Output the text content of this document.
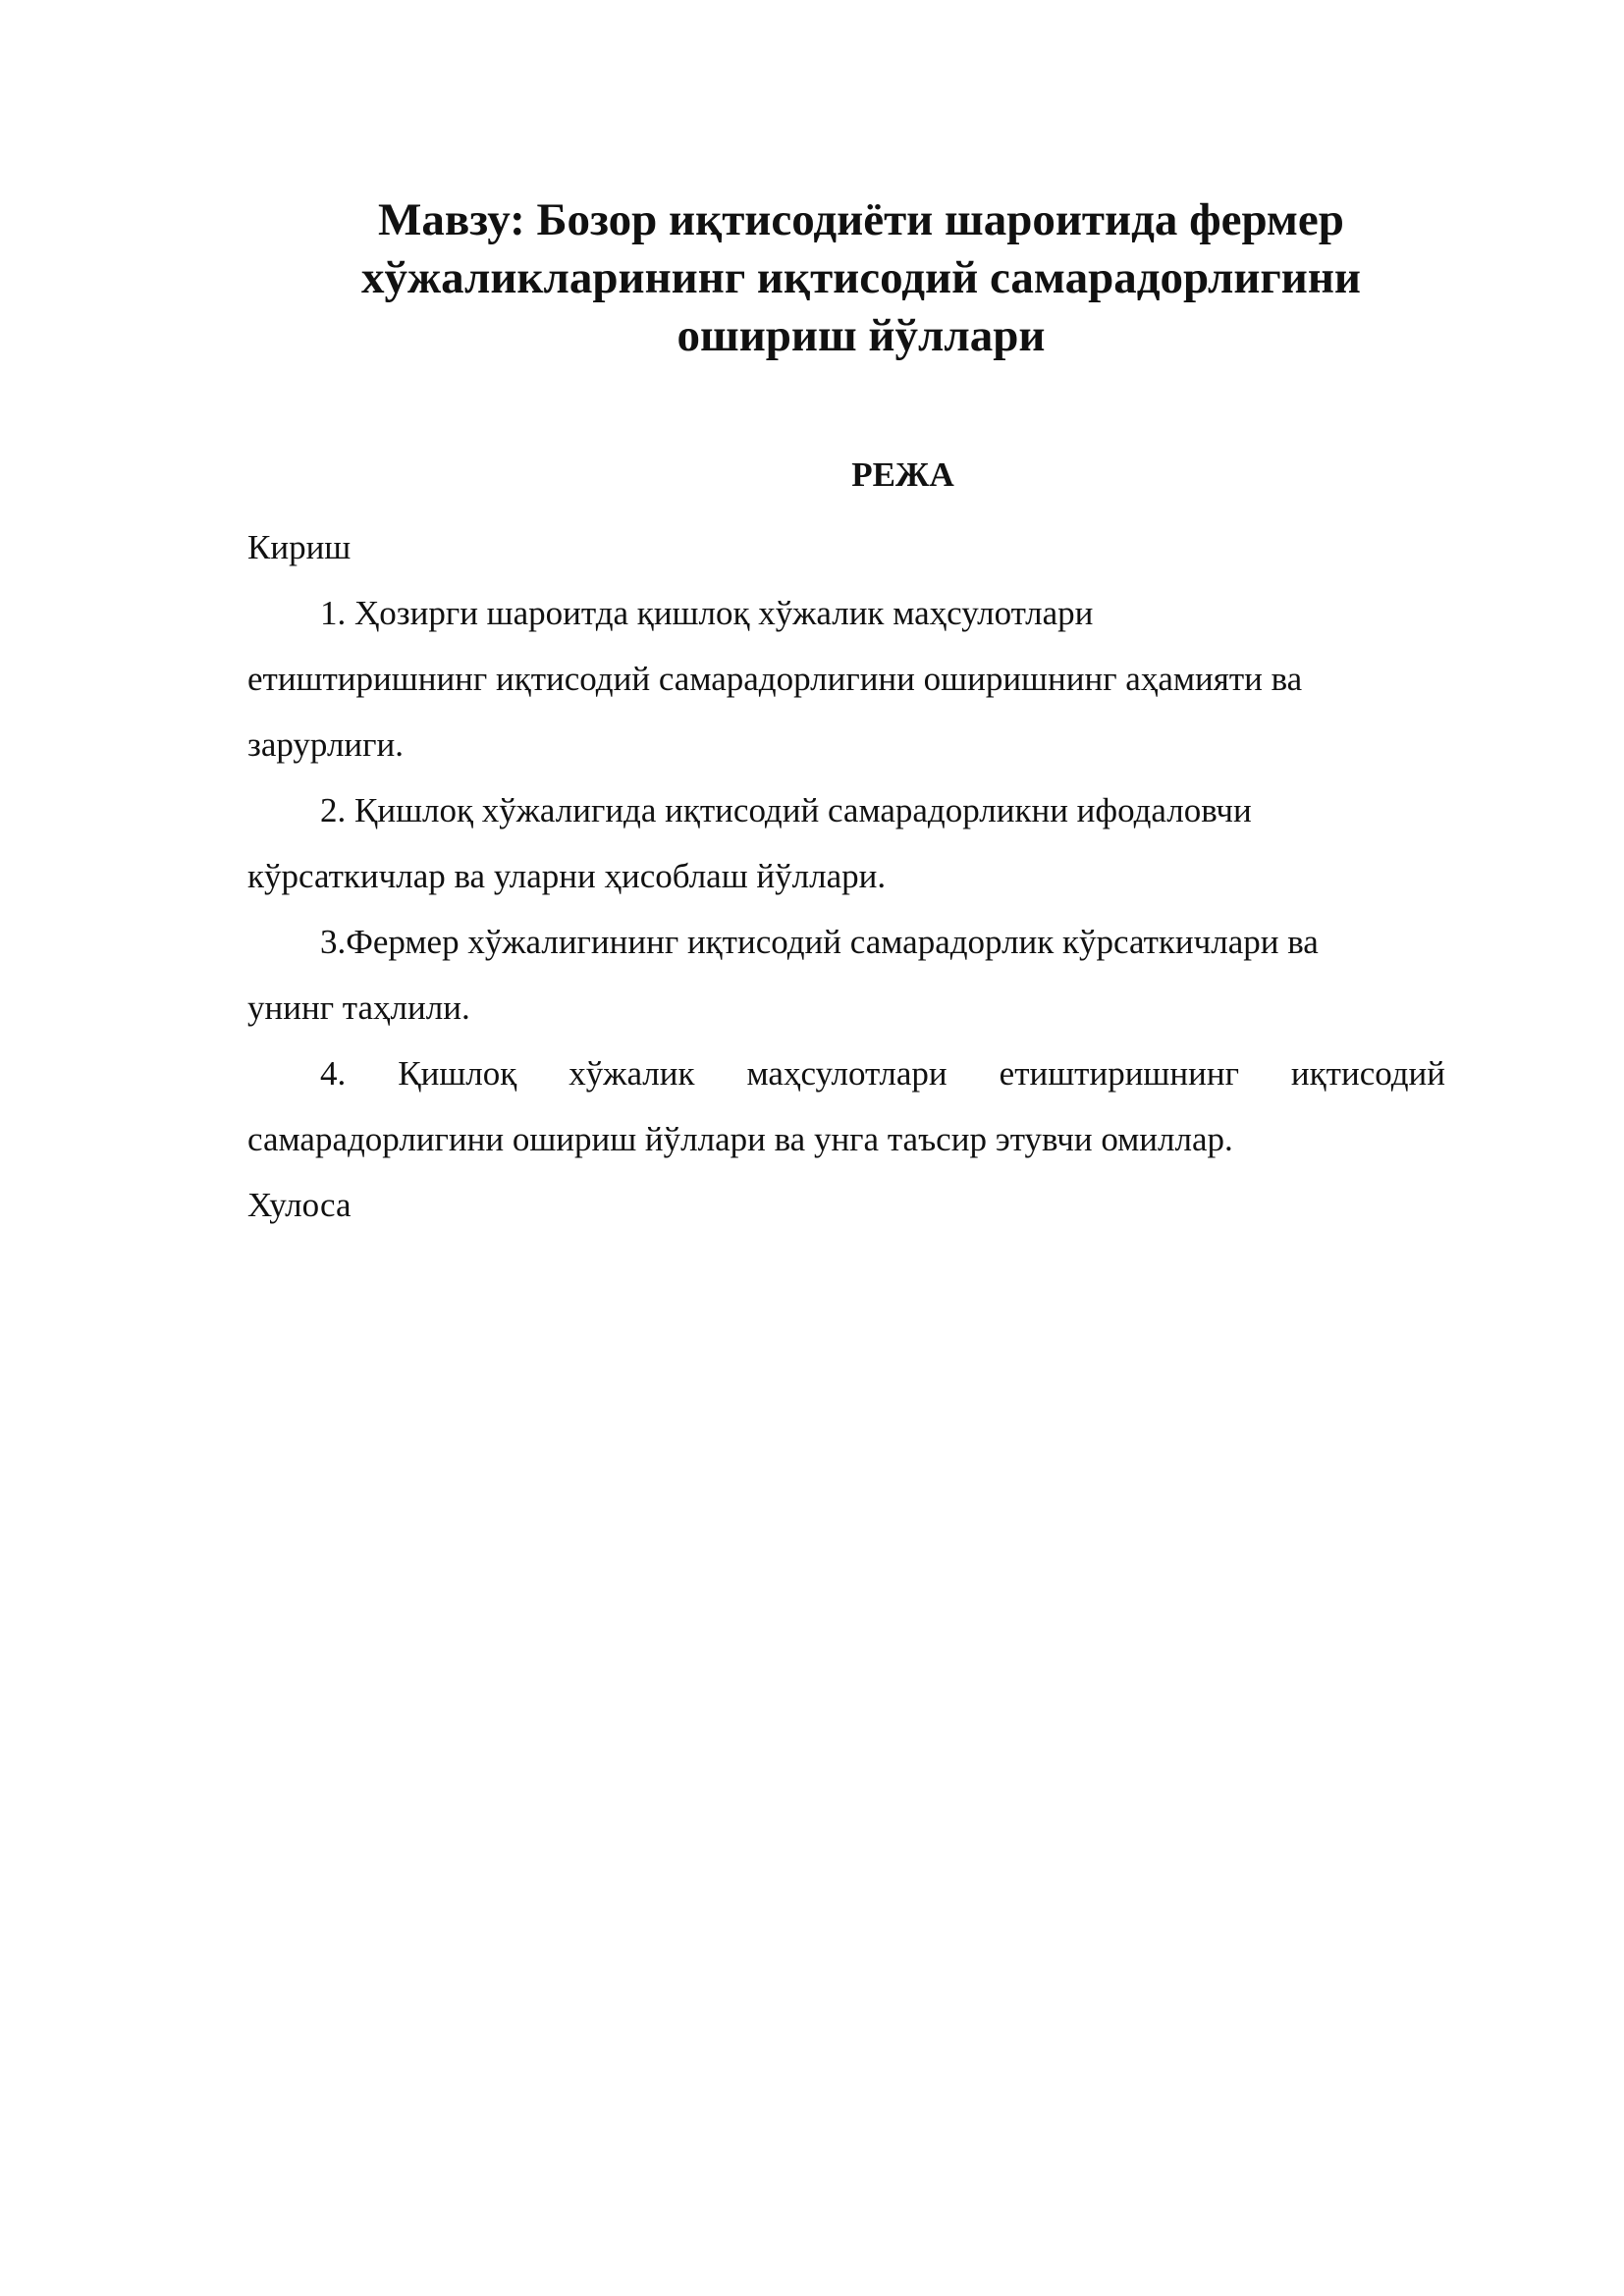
Мавзу: Бозор иқтисодиёти шароитида фермер
хўжаликларининг иқтисодий самарадорлигини
ошириш йўллари
РЕЖА

Кириш

1. Ҳозирги шароитда қишлоқ хўжалик маҳсулотлари
етиштиришнинг иқтисодий самарадорлигини оширишнинг аҳамияти ва
зарурлиги.

2. Қишлоқ хўжалигида иқтисодий самарадорликни ифодаловчи
кўрсаткичлар ва уларни ҳисоблаш йўллари.

3.Фермер хўжалигининг иқтисодий самарадорлик кўрсаткичлари ва
унинг таҳлили.

4. Қишлоқ хўжалик маҳсулотлари етиштиришнинг иқтисодий
самарадорлигини ошириш йўллари ва унга таъсир этувчи омиллар.

Хулоса
